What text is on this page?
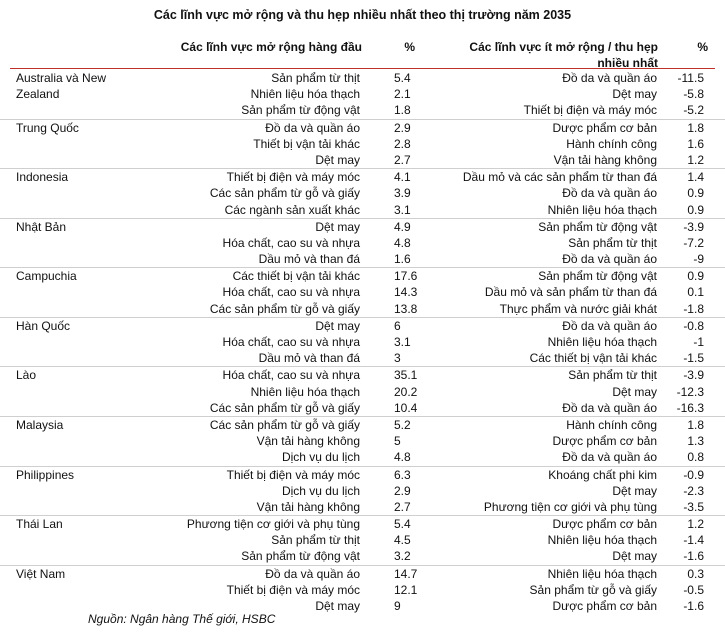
Các lĩnh vực mở rộng và thu hẹp nhiều nhất theo thị trường năm 2035
Các lĩnh vực mở rộng hàng đầu	%	Các lĩnh vực ít mở rộng / thu hẹp
nhiều nhất
%
Australia và New	Sản phẩm từ thịt	5.4	Đồ da và quần áo -11.5
Zealand	Nhiên liệu hóa thạch	2.1	Dệt may -5.8
Sản phẩm từ động vật	1.8	Thiết bị điện và máy móc -5.2
Trung Quốc	Đồ da và quần áo	2.9	Dược phẩm cơ bản	1.8
Thiết bị vận tải khác	2.8	Hành chính công	1.6
Dệt may	2.7	Vận tải hàng không	1.2
Indonesia	Thiết bị điện và máy móc	4.1	Dầu mỏ và các sản phẩm từ than đá	1.4
Các sản phẩm từ gỗ và giấy	3.9	Đồ da và quần áo	0.9
Các ngành sản xuất khác	3.1	Nhiên liệu hóa thạch	0.9
Nhật Bản	Dệt may	4.9	Sản phẩm từ động vật -3.9
Hóa chất, cao su và nhựa	4.8	Sản phẩm từ thịt -7.2
Dầu mỏ và than đá	1.6	Đồ da và quần áo	-9
Campuchia	Các thiết bị vận tải khác	17.6	Sản phẩm từ động vật	0.9
Hóa chất, cao su và nhựa	14.3	Dầu mỏ và sản phẩm từ than đá	0.1
Các sản phẩm từ gỗ và giấy	13.8	Thực phẩm và nước giải khát -1.8
Hàn Quốc	Dệt may	6	Đồ da và quần áo -0.8
Hóa chất, cao su và nhựa	3.1	Nhiên liệu hóa thạch	-1
Dầu mỏ và than đá	3	Các thiết bị vận tải khác -1.5
Lào	Hóa chất, cao su và nhựa	35.1	Sản phẩm từ thịt -3.9
Nhiên liệu hóa thạch	20.2	Dệt may -12.3
Các sản phẩm từ gỗ và giấy	10.4	Đồ da và quần áo -16.3
Malaysia	Các sản phẩm từ gỗ và giấy	5.2	Hành chính công	1.8
Vận tải hàng không	5	Dược phẩm cơ bản	1.3
Dịch vụ du lịch	4.8	Đồ da và quần áo	0.8
Philippines	Thiết bị điện và máy móc	6.3	Khoáng chất phi kim -0.9
Dịch vụ du lịch	2.9	Dệt may -2.3
Vận tải hàng không	2.7	Phương tiện cơ giới và phụ tùng -3.5
Thái Lan	Phương tiện cơ giới và phụ tùng	5.4	Dược phẩm cơ bản	1.2
Sản phẩm từ thịt	4.5	Nhiên liệu hóa thạch -1.4
Sản phẩm từ động vật	3.2	Dệt may -1.6
Việt Nam	Đồ da và quần áo	14.7	Nhiên liệu hóa thạch	0.3
Thiết bị điện và máy móc	12.1	Sản phẩm từ gỗ và giấy -0.5
Dệt may	9	Dược phẩm cơ bản -1.6
Nguồn: Ngân hàng Thế giới, HSBC
